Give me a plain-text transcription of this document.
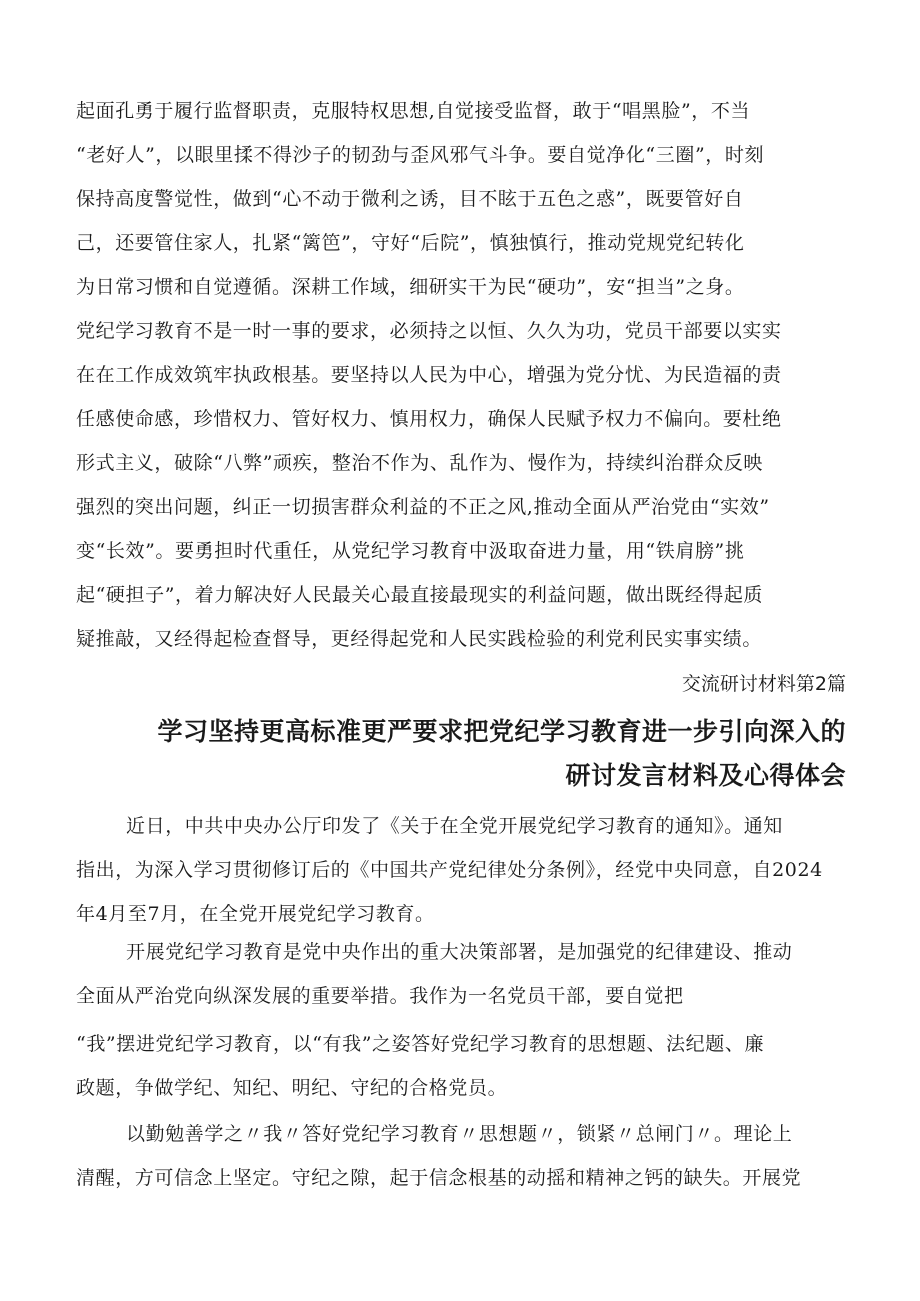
起面孔勇于履行监督职责，克服特权思想,自觉接受监督，敢于“唱黑脸”，不当
“老好人”，以眼里揉不得沙子的韧劲与歪风邪气斗争。要自觉净化“三圈”，时刻
保持高度警觉性，做到“心不动于微利之诱，目不眩于五色之惑”，既要管好自
己，还要管住家人，扎紧“篱笆”，守好“后院”，慎独慎行，推动党规党纪转化
为日常习惯和自觉遵循。深耕工作域，细研实干为民“硬功”，安“担当”之身。
党纪学习教育不是一时一事的要求，必须持之以恒、久久为功，党员干部要以实实
在在工作成效筑牢执政根基。要坚持以人民为中心，增强为党分忧、为民造福的责
任感使命感，珍惜权力、管好权力、慎用权力，确保人民赋予权力不偏向。要杜绝
形式主义，破除“八弊”顽疾，整治不作为、乱作为、慢作为，持续纠治群众反映
强烈的突出问题，纠正一切损害群众利益的不正之风,推动全面从严治党由“实效”
变“长效”。要勇担时代重任，从党纪学习教育中汲取奋进力量，用“铁肩膀”挑
起“硬担子”，着力解决好人民最关心最直接最现实的利益问题，做出既经得起质
疑推敲，又经得起检查督导，更经得起党和人民实践检验的利党利民实事实绩。
交流研讨材料第2篇
学习坚持更高标准更严要求把党纪学习教育进一步引向深入的
研讨发言材料及心得体会
近日，中共中央办公厅印发了《关于在全党开展党纪学习教育的通知》。通知
指出，为深入学习贯彻修订后的《中国共产党纪律处分条例》，经党中央同意，自2024
年4月至7月，在全党开展党纪学习教育。
开展党纪学习教育是党中央作出的重大决策部署，是加强党的纪律建设、推动
全面从严治党向纵深发展的重要举措。我作为一名党员干部，要自觉把
“我”摆进党纪学习教育，以“有我”之姿答好党纪学习教育的思想题、法纪题、廉
政题，争做学纪、知纪、明纪、守纪的合格党员。
以勤勉善学之〃我〃答好党纪学习教育〃思想题〃，锁紧〃总闸门〃。理论上
清醒，方可信念上坚定。守纪之隙，起于信念根基的动摇和精神之钙的缺失。开展党
